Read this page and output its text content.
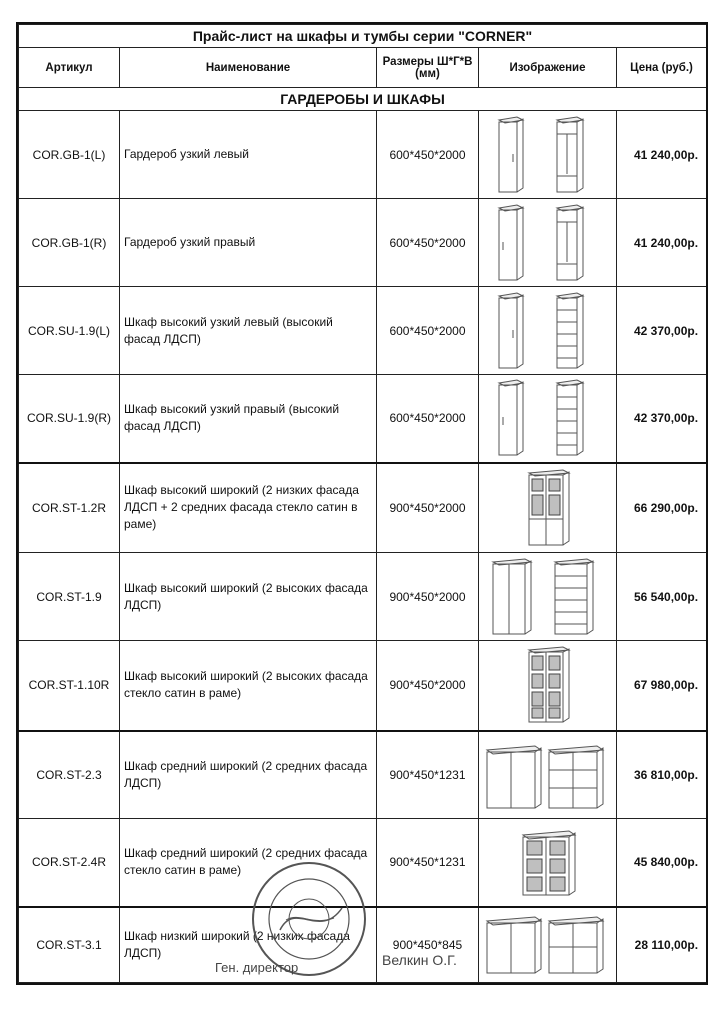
Прайс-лист на шкафы и тумбы серии "CORNER"				
Артикул	Наименование	Размеры Ш*Г*В (мм)	Изображение	Цена (руб.)
ГАРДЕРОБЫ И ШКАФЫ				
COR.GB-1(L)	Гардероб узкий левый	600*450*2000		41 240,00р.
COR.GB-1(R)	Гардероб узкий правый	600*450*2000		41 240,00р.
COR.SU-1.9(L)	Шкаф высокий узкий левый (высокий фасад ЛДСП)	600*450*2000		42 370,00р.
COR.SU-1.9(R)	Шкаф высокий узкий правый (высокий фасад ЛДСП)	600*450*2000		42 370,00р.
COR.ST-1.2R	Шкаф высокий широкий (2 низких фасада ЛДСП + 2 средних фасада стекло сатин в раме)	900*450*2000		66 290,00р.
COR.ST-1.9	Шкаф высокий широкий (2 высоких фасада ЛДСП)	900*450*2000		56 540,00р.
COR.ST-1.10R	Шкаф высокий широкий (2 высоких фасада стекло сатин в раме)	900*450*2000		67 980,00р.
COR.ST-2.3	Шкаф средний широкий (2 средних фасада ЛДСП)	900*450*1231		36 810,00р.
COR.ST-2.4R	Шкаф средний широкий (2 средних фасада стекло сатин в раме)	900*450*1231		45 840,00р.
COR.ST-3.1	Шкаф низкий широкий (2 низких фасада ЛДСП)	900*450*845		28 110,00р.
Ген. директор	Велкин О.Г.
